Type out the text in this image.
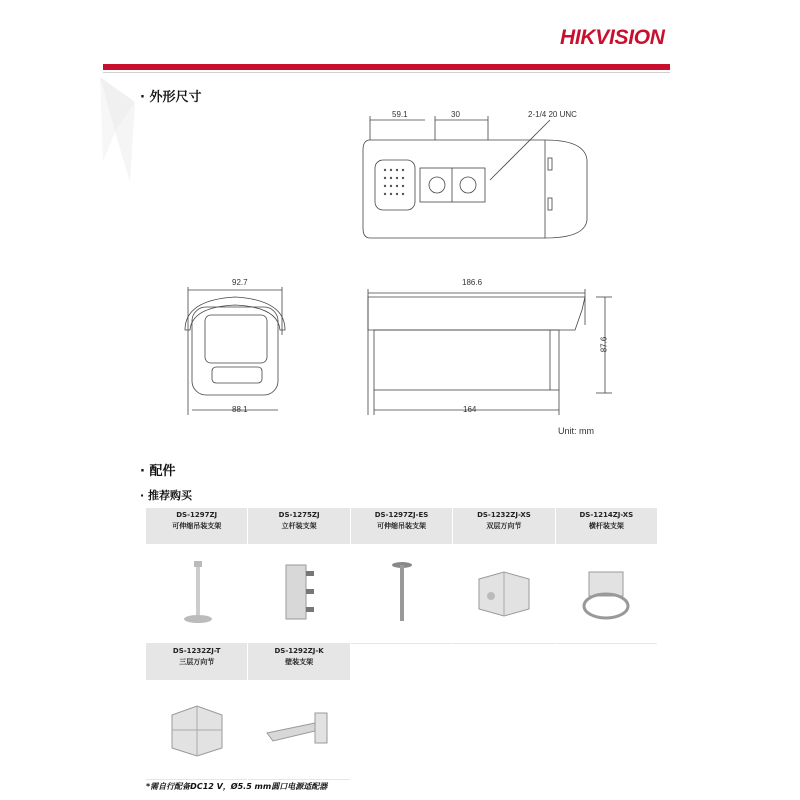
HIKVISION
· 外形尺寸
59.1	30	2-1/4 20 UNC
92.7
88.1
186.6
164
87.6
Unit: mm
· 配件
· 推荐购买
DS-1297ZJ
可伸缩吊装支架
DS-1275ZJ
立杆装支架
DS-1297ZJ-ES
可伸缩吊装支架
DS-1232ZJ-XS
双层万向节
DS-1214ZJ-XS
横杆装支架
DS-1232ZJ-T
三层万向节
DS-1292ZJ-K
壁装支架
*需自行配备DC12 V，Ø5.5 mm圆口电源适配器
